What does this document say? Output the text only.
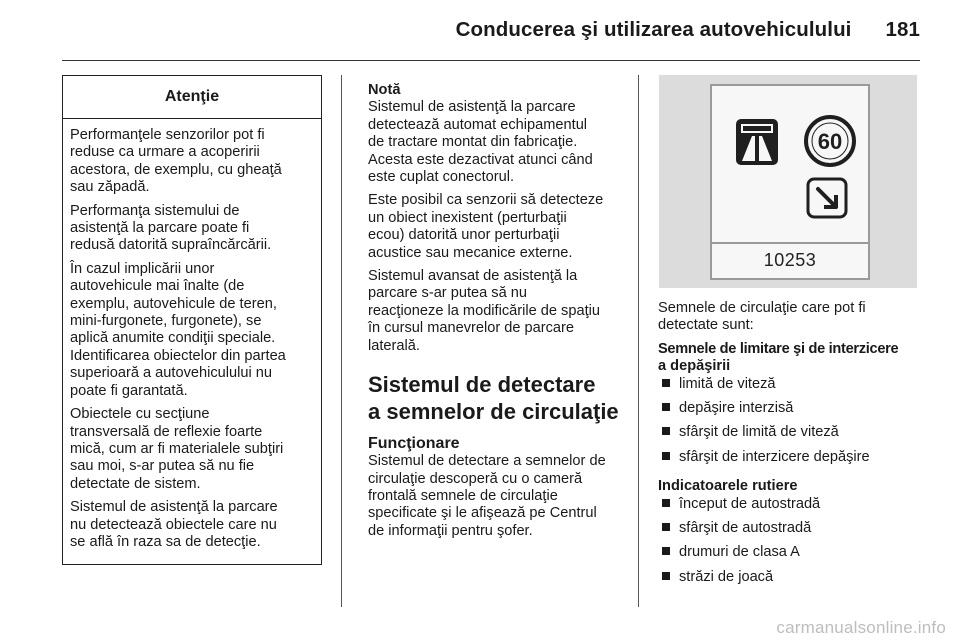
Conducerea şi utilizarea autovehiculului 181
Atenţie
Performanţele senzorilor pot fi
reduse ca urmare a acoperirii
acestora, de exemplu, cu gheaţă
sau zăpadă.
Performanţa sistemului de
asistenţă la parcare poate fi
redusă datorită supraîncărcării.
În cazul implicării unor
autovehicule mai înalte (de
exemplu, autovehicule de teren,
mini-furgonete, furgonete), se
aplică anumite condiţii speciale.
Identificarea obiectelor din partea
superioară a autovehiculului nu
poate fi garantată.
Obiectele cu secţiune
transversală de reflexie foarte
mică, cum ar fi materialele subţiri
sau moi, s-ar putea să nu fie
detectate de sistem.
Sistemul de asistenţă la parcare
nu detectează obiectele care nu
se află în raza sa de detecţie.
Notă
Sistemul de asistenţă la parcare
detectează automat echipamentul
de tractare montat din fabricaţie.
Acesta este dezactivat atunci când
este cuplat conectorul.
Este posibil ca senzorii să detecteze
un obiect inexistent (perturbaţii
ecou) datorită unor perturbaţii
acustice sau mecanice externe.
Sistemul avansat de asistenţă la
parcare s-ar putea să nu
reacţioneze la modificările de spaţiu
în cursul manevrelor de parcare
laterală.
Sistemul de detectare
a semnelor de circulaţie
Funcţionare
Sistemul de detectare a semnelor de
circulaţie descoperă cu o cameră
frontală semnele de circulaţie
specificate şi le afişează pe Centrul
de informaţii pentru şofer.
60
10253
Semnele de circulaţie care pot fi
detectate sunt:
Semnele de limitare şi de interzicere
a depăşirii
limită de viteză
depăşire interzisă
sfârşit de limită de viteză
sfârşit de interzicere depăşire
Indicatoarele rutiere
început de autostradă
sfârşit de autostradă
drumuri de clasa A
străzi de joacă
carmanualsonline.info
